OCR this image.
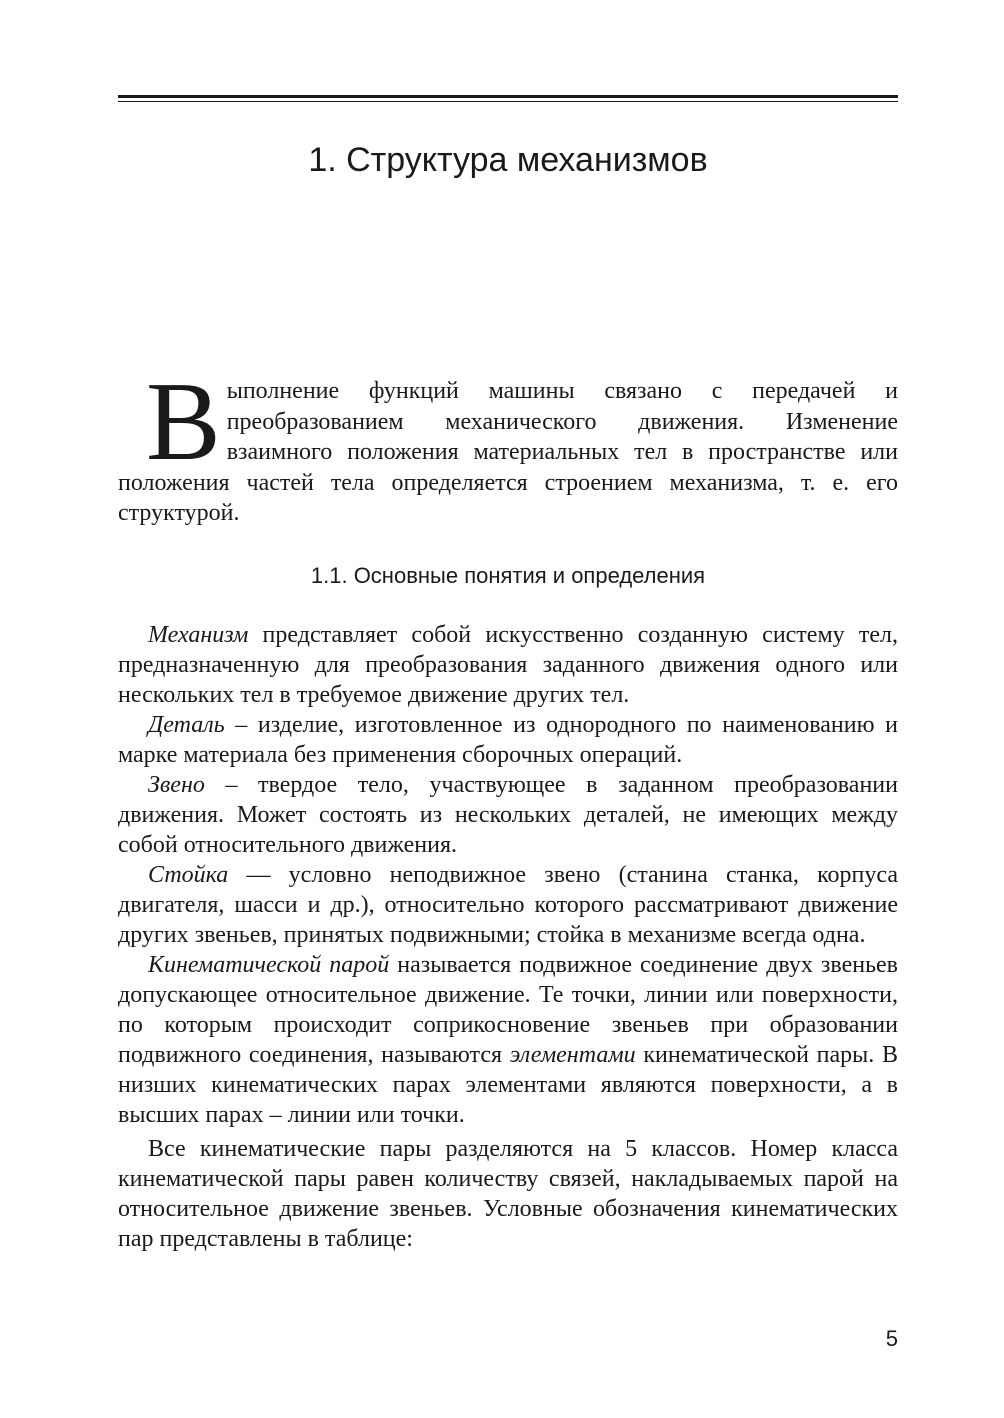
1. Структура механизмов
Выполнение функций машины связано с передачей и преобразованием механического движения. Изменение взаимного положения материальных тел в пространстве или положения частей тела определяется строением механизма, т. е. его структурой.
1.1. Основные понятия и определения

Механизм представляет собой искусственно созданную систему тел, предназначенную для преобразования заданного движения одного или нескольких тел в требуемое движение других тел.

Деталь – изделие, изготовленное из однородного по наименованию и марке материала без применения сборочных операций.

Звено – твердое тело, участвующее в заданном преобразовании движения. Может состоять из нескольких деталей, не имеющих между собой относительного движения.

Стойка — условно неподвижное звено (станина станка, корпуса двигателя, шасси и др.), относительно которого рассматривают движение других звеньев, принятых подвижными; стойка в механизме всегда одна.

Кинематической парой называется подвижное соединение двух звеньев допускающее относительное движение. Те точки, линии или поверхности, по которым происходит соприкосновение звеньев при образовании подвижного соединения, называются элементами кинематической пары. В низших кинематических парах элементами являются поверхности, а в высших парах – линии или точки.

Все кинематические пары разделяются на 5 классов. Номер класса кинематической пары равен количеству связей, накладываемых парой на относительное движение звеньев. Условные обозначения кинематических пар представлены в таблице:

5
